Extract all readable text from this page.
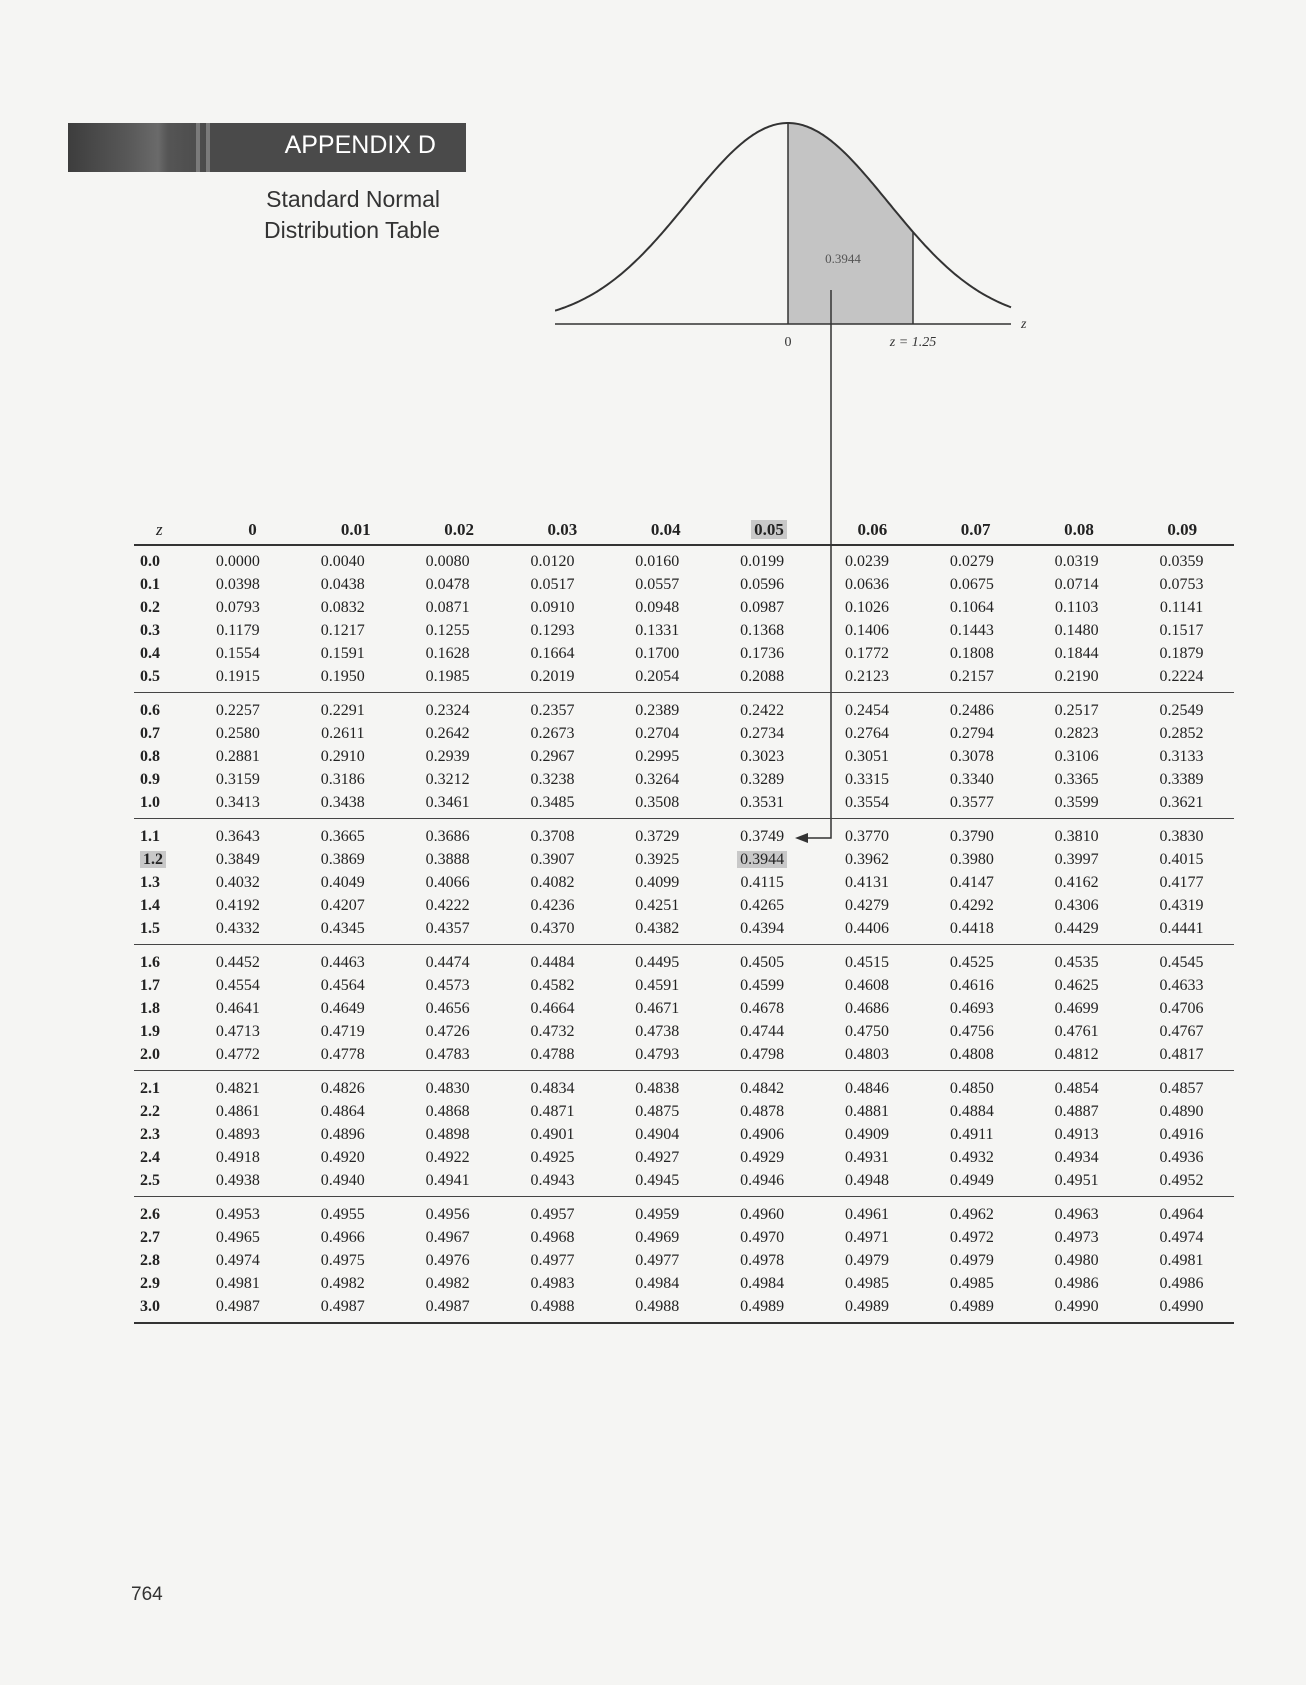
APPENDIX D
Standard Normal
Distribution Table
0.3944
0	z = 1.25
z
z	0	0.01	0.02	0.03	0.04	0.05	0.06	0.07	0.08	0.09
0.0	0.0000	0.0040	0.0080	0.0120	0.0160	0.0199	0.0239	0.0279	0.0319	0.0359
0.1	0.0398	0.0438	0.0478	0.0517	0.0557	0.0596	0.0636	0.0675	0.0714	0.0753
0.2	0.0793	0.0832	0.0871	0.0910	0.0948	0.0987	0.1026	0.1064	0.1103	0.1141
0.3	0.1179	0.1217	0.1255	0.1293	0.1331	0.1368	0.1406	0.1443	0.1480	0.1517
0.4	0.1554	0.1591	0.1628	0.1664	0.1700	0.1736	0.1772	0.1808	0.1844	0.1879
0.5	0.1915	0.1950	0.1985	0.2019	0.2054	0.2088	0.2123	0.2157	0.2190	0.2224
0.6	0.2257	0.2291	0.2324	0.2357	0.2389	0.2422	0.2454	0.2486	0.2517	0.2549
0.7	0.2580	0.2611	0.2642	0.2673	0.2704	0.2734	0.2764	0.2794	0.2823	0.2852
0.8	0.2881	0.2910	0.2939	0.2967	0.2995	0.3023	0.3051	0.3078	0.3106	0.3133
0.9	0.3159	0.3186	0.3212	0.3238	0.3264	0.3289	0.3315	0.3340	0.3365	0.3389
1.0	0.3413	0.3438	0.3461	0.3485	0.3508	0.3531	0.3554	0.3577	0.3599	0.3621
1.1	0.3643	0.3665	0.3686	0.3708	0.3729	0.3749	0.3770	0.3790	0.3810	0.3830
1.2	0.3849	0.3869	0.3888	0.3907	0.3925	0.3944	0.3962	0.3980	0.3997	0.4015
1.3	0.4032	0.4049	0.4066	0.4082	0.4099	0.4115	0.4131	0.4147	0.4162	0.4177
1.4	0.4192	0.4207	0.4222	0.4236	0.4251	0.4265	0.4279	0.4292	0.4306	0.4319
1.5	0.4332	0.4345	0.4357	0.4370	0.4382	0.4394	0.4406	0.4418	0.4429	0.4441
1.6	0.4452	0.4463	0.4474	0.4484	0.4495	0.4505	0.4515	0.4525	0.4535	0.4545
1.7	0.4554	0.4564	0.4573	0.4582	0.4591	0.4599	0.4608	0.4616	0.4625	0.4633
1.8	0.4641	0.4649	0.4656	0.4664	0.4671	0.4678	0.4686	0.4693	0.4699	0.4706
1.9	0.4713	0.4719	0.4726	0.4732	0.4738	0.4744	0.4750	0.4756	0.4761	0.4767
2.0	0.4772	0.4778	0.4783	0.4788	0.4793	0.4798	0.4803	0.4808	0.4812	0.4817
2.1	0.4821	0.4826	0.4830	0.4834	0.4838	0.4842	0.4846	0.4850	0.4854	0.4857
2.2	0.4861	0.4864	0.4868	0.4871	0.4875	0.4878	0.4881	0.4884	0.4887	0.4890
2.3	0.4893	0.4896	0.4898	0.4901	0.4904	0.4906	0.4909	0.4911	0.4913	0.4916
2.4	0.4918	0.4920	0.4922	0.4925	0.4927	0.4929	0.4931	0.4932	0.4934	0.4936
2.5	0.4938	0.4940	0.4941	0.4943	0.4945	0.4946	0.4948	0.4949	0.4951	0.4952
2.6	0.4953	0.4955	0.4956	0.4957	0.4959	0.4960	0.4961	0.4962	0.4963	0.4964
2.7	0.4965	0.4966	0.4967	0.4968	0.4969	0.4970	0.4971	0.4972	0.4973	0.4974
2.8	0.4974	0.4975	0.4976	0.4977	0.4977	0.4978	0.4979	0.4979	0.4980	0.4981
2.9	0.4981	0.4982	0.4982	0.4983	0.4984	0.4984	0.4985	0.4985	0.4986	0.4986
3.0	0.4987	0.4987	0.4987	0.4988	0.4988	0.4989	0.4989	0.4989	0.4990	0.4990
764
